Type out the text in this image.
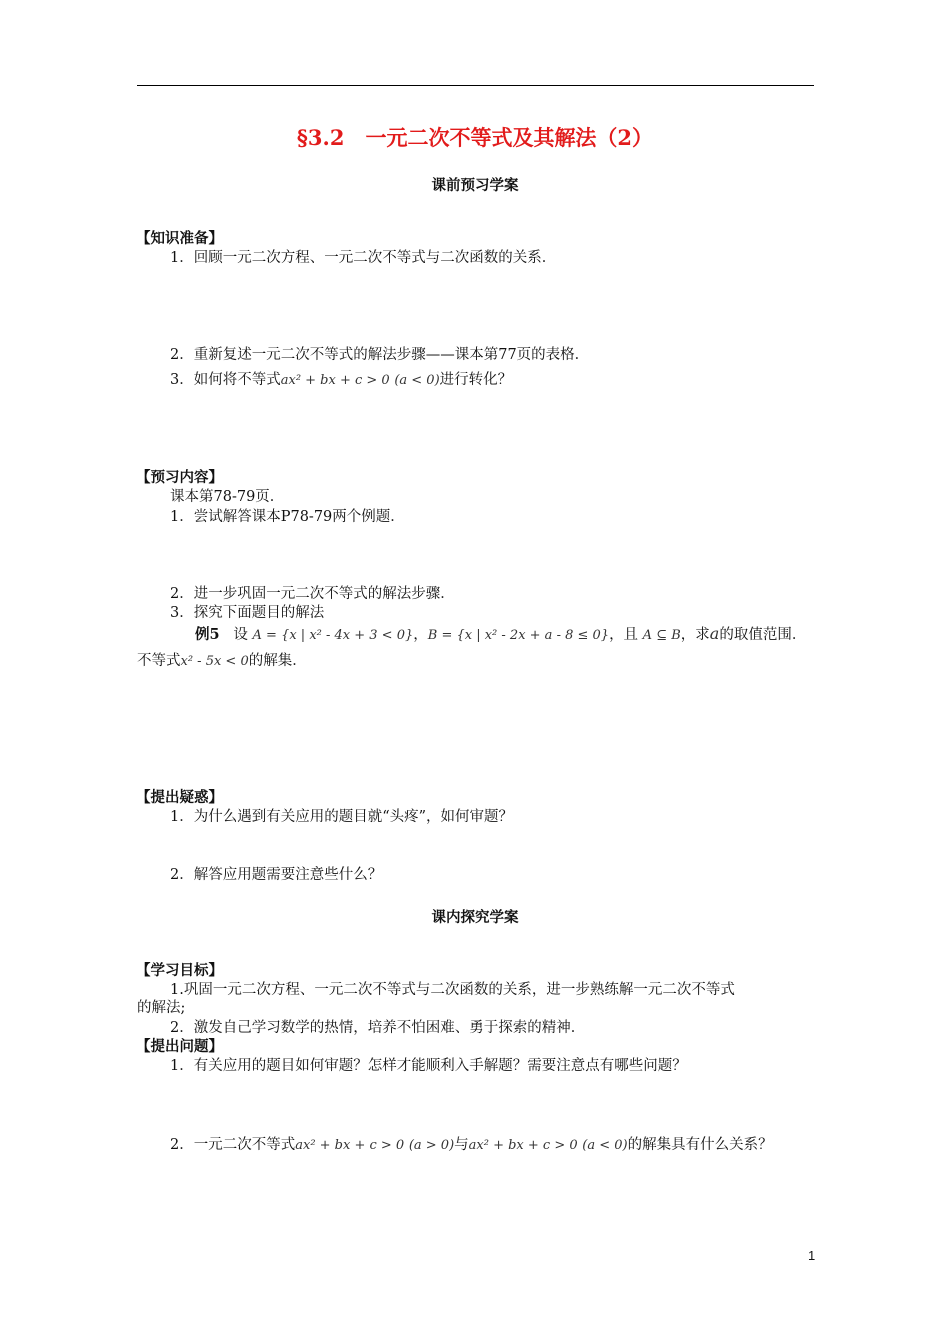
§3.2　一元二次不等式及其解法（2）
课前预习学案
【知识准备】
1．回顾一元二次方程、一元二次不等式与二次函数的关系．
2．重新复述一元二次不等式的解法步骤——课本第77页的表格．
3．如何将不等式ax² + bx + c > 0 (a < 0)进行转化？
【预习内容】
课本第78-79页．
1．尝试解答课本P78-79两个例题．
2．进一步巩固一元二次不等式的解法步骤．
3．探究下面题目的解法
例5 设 A = {x | x² - 4x + 3 < 0}，B = {x | x² - 2x + a - 8 ≤ 0}，且 A ⊆ B，求a的取值范围．
不等式x² - 5x < 0的解集．
【提出疑惑】
1．为什么遇到有关应用的题目就“头疼”，如何审题？
2．解答应用题需要注意些什么？
课内探究学案
【学习目标】
1.巩固一元二次方程、一元二次不等式与二次函数的关系，进一步熟练解一元二次不等式
的解法;
2．激发自己学习数学的热情，培养不怕困难、勇于探索的精神．
【提出问题】
1．有关应用的题目如何审题？怎样才能顺利入手解题？需要注意点有哪些问题？
2．一元二次不等式ax² + bx + c > 0 (a > 0)与ax² + bx + c > 0 (a < 0)的解集具有什么关系？
1
